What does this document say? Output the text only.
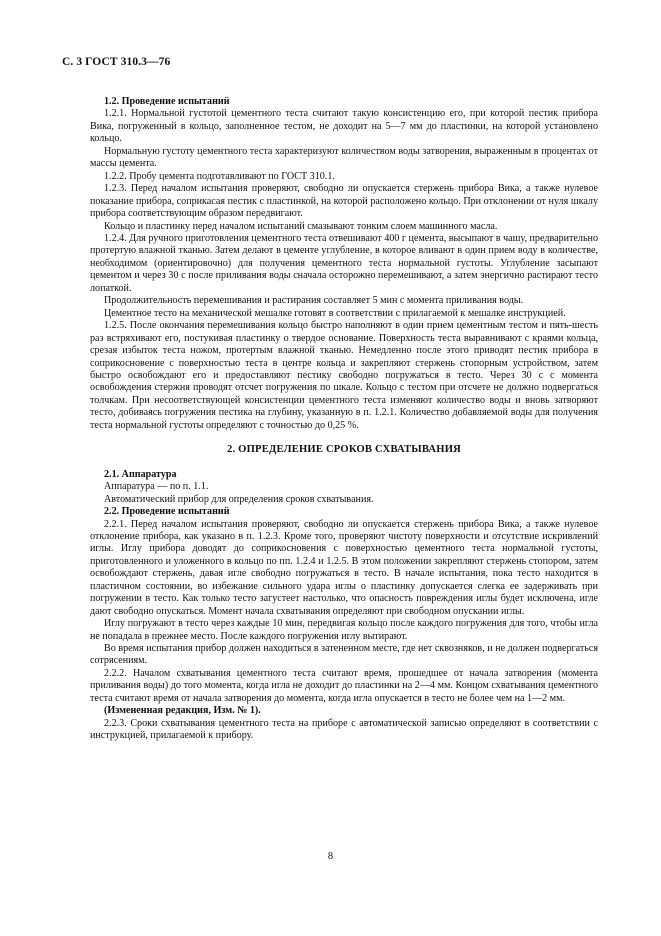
С. 3 ГОСТ 310.3—76

1.2. Проведение испытаний

1.2.1. Нормальной густотой цементного теста считают такую консистенцию его, при которой пестик прибора Вика, погруженный в кольцо, заполненное тестом, не доходит на 5—7 мм до пластинки, на которой установлено кольцо.

Нормальную густоту цементного теста характеризуют количеством воды затворения, выраженным в процентах от массы цемента.

1.2.2. Пробу цемента подготавливают по ГОСТ 310.1.

1.2.3. Перед началом испытания проверяют, свободно ли опускается стержень прибора Вика, а также нулевое показание прибора, соприкасая пестик с пластинкой, на которой расположено кольцо. При отклонении от нуля шкалу прибора соответствующим образом передвигают.

Кольцо и пластинку перед началом испытаний смазывают тонким слоем машинного масла.

1.2.4. Для ручного приготовления цементного теста отвешивают 400 г цемента, высыпают в чашу, предварительно протертую влажной тканью. Затем делают в цементе углубление, в которое вливают в один прием воду в количестве, необходимом (ориентировочно) для получения цементного теста нормальной густоты. Углубление засыпают цементом и через 30 с после приливания воды сначала осторожно перемешивают, а затем энергично растирают тесто лопаткой.

Продолжительность перемешивания и растирания составляет 5 мин с момента приливания воды.

Цементное тесто на механической мешалке готовят в соответствии с прилагаемой к мешалке инструкцией.

1.2.5. После окончания перемешивания кольцо быстро наполняют в один прием цементным тестом и пять-шесть раз встряхивают его, постукивая пластинку о твердое основание. Поверхность теста выравнивают с краями кольца, срезая избыток теста ножом, протертым влажной тканью. Немедленно после этого приводят пестик прибора в соприкосновение с поверхностью теста в центре кольца и закрепляют стержень стопорным устройством, затем быстро освобождают его и предоставляют пестику свободно погружаться в тесто. Через 30 с с момента освобождения стержня проводят отсчет погружения по шкале. Кольцо с тестом при отсчете не должно подвергаться толчкам. При несоответствующей консистенции цементного теста изменяют количество воды и вновь затворяют тесто, добиваясь погружения пестика на глубину, указанную в п. 1.2.1. Количество добавляемой воды для получения теста нормальной густоты определяют с точностью до 0,25 %.

2. ОПРЕДЕЛЕНИЕ СРОКОВ СХВАТЫВАНИЯ

2.1. Аппаратура

Аппаратура — по п. 1.1.

Автоматический прибор для определения сроков схватывания.

2.2. Проведение испытаний

2.2.1. Перед началом испытания проверяют, свободно ли опускается стержень прибора Вика, а также нулевое отклонение прибора, как указано в п. 1.2.3. Кроме того, проверяют чистоту поверхности и отсутствие искривлений иглы. Иглу прибора доводят до соприкосновения с поверхностью цементного теста нормальной густоты, приготовленного и уложенного в кольцо по пп. 1.2.4 и 1.2.5. В этом положении закрепляют стержень стопором, затем освобождают стержень, давая игле свободно погружаться в тесто. В начале испытания, пока тесто находится в пластичном состоянии, во избежание сильного удара иглы о пластинку допускается слегка ее задерживать при погружении в тесто. Как только тесто загустеет настолько, что опасность повреждения иглы будет исключена, игле дают свободно опускаться. Момент начала схватывания определяют при свободном опускании иглы.

Иглу погружают в тесто через каждые 10 мин, передвигая кольцо после каждого погружения для того, чтобы игла не попадала в прежнее место. После каждого погружения иглу вытирают.

Во время испытания прибор должен находиться в затененном месте, где нет сквозняков, и не должен подвергаться сотрясениям.

2.2.2. Началом схватывания цементного теста считают время, прошедшее от начала затворения (момента приливания воды) до того момента, когда игла не доходит до пластинки на 2—4 мм. Концом схватывания цементного теста считают время от начала затворения до момента, когда игла опускается в тесто не более чем на 1—2 мм.

(Измененная редакция, Изм. № 1).

2.2.3. Сроки схватывания цементного теста на приборе с автоматической записью определяют в соответствии с инструкцией, прилагаемой к прибору.

8
